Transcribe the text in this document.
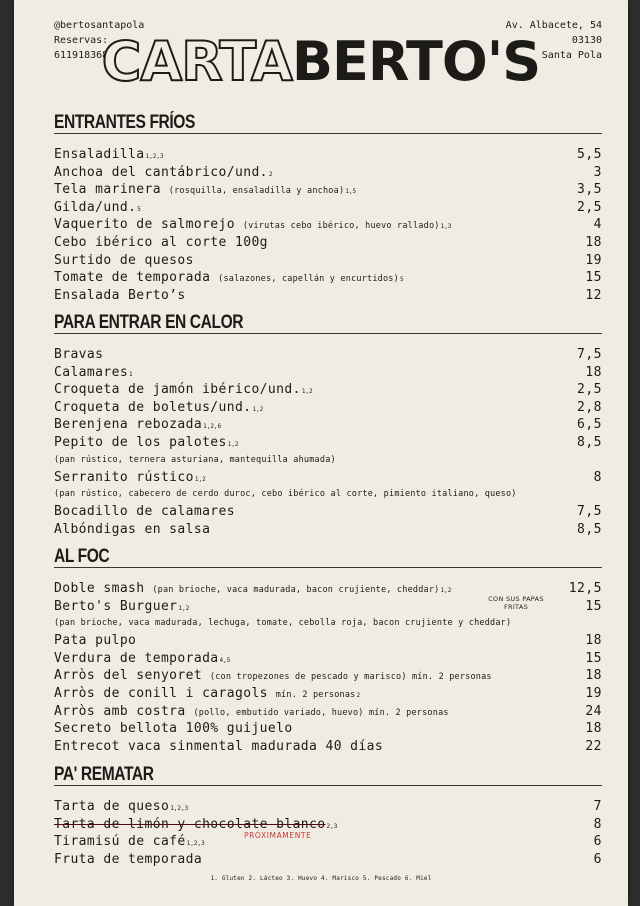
@bertosantapola
Reservas:
611918368
Av. Albacete, 54
03130
Santa Pola
CARTABERTO'S
ENTRANTES FRÍOS
Ensaladilla1,2,3	5,5
Anchoa del cantábrico/und.2	3
Tela marinera (rosquilla, ensaladilla y anchoa)1,5	3,5
Gilda/und.5	2,5
Vaquerito de salmorejo (virutas cebo ibérico, huevo rallado)1,3	4
Cebo ibérico al corte 100g	18
Surtido de quesos	19
Tomate de temporada (salazones, capellán y encurtidos)5	15
Ensalada Berto’s	12
PARA ENTRAR EN CALOR
Bravas	7,5
Calamares1	18
Croqueta de jamón ibérico/und.1,2	2,5
Croqueta de boletus/und.1,2	2,8
Berenjena rebozada1,2,6	6,5
Pepito de los palotes1,2	8,5
(pan rústico, ternera asturiana, mantequilla ahumada)
Serranito rústico1,2	8
(pan rústico, cabecero de cerdo duroc, cebo ibérico al corte, pimiento italiano, queso)
Bocadillo de calamares	7,5
Albóndigas en salsa	8,5
AL FOC
Doble smash (pan brioche, vaca madurada, bacon crujiente, cheddar)1,2	12,5
Berto's Burguer1,2	15
(pan brioche, vaca madurada, lechuga, tomate, cebolla roja, bacon crujiente y cheddar)
Pata pulpo	18
Verdura de temporada4,5	15
Arròs del senyoret (con tropezones de pescado y marisco) mín. 2 personas	18
Arròs de conill i caragols mín. 2 personas2	19
Arròs amb costra (pollo, embutido variado, huevo) mín. 2 personas	24
Secreto bellota 100% guijuelo	18
Entrecot vaca sinmental madurada 40 días	22
CON SUS PAPAS FRITAS
PA' REMATAR
Tarta de queso1,2,3	7
Tarta de limón y chocolate blanco2,3	8
Tiramisú de café1,2,3	6
Fruta de temporada	6
PRÓXIMAMENTE
1. Gluten 2. Lácteo 3. Huevo 4. Marisco 5. Pescado 6. Miel
